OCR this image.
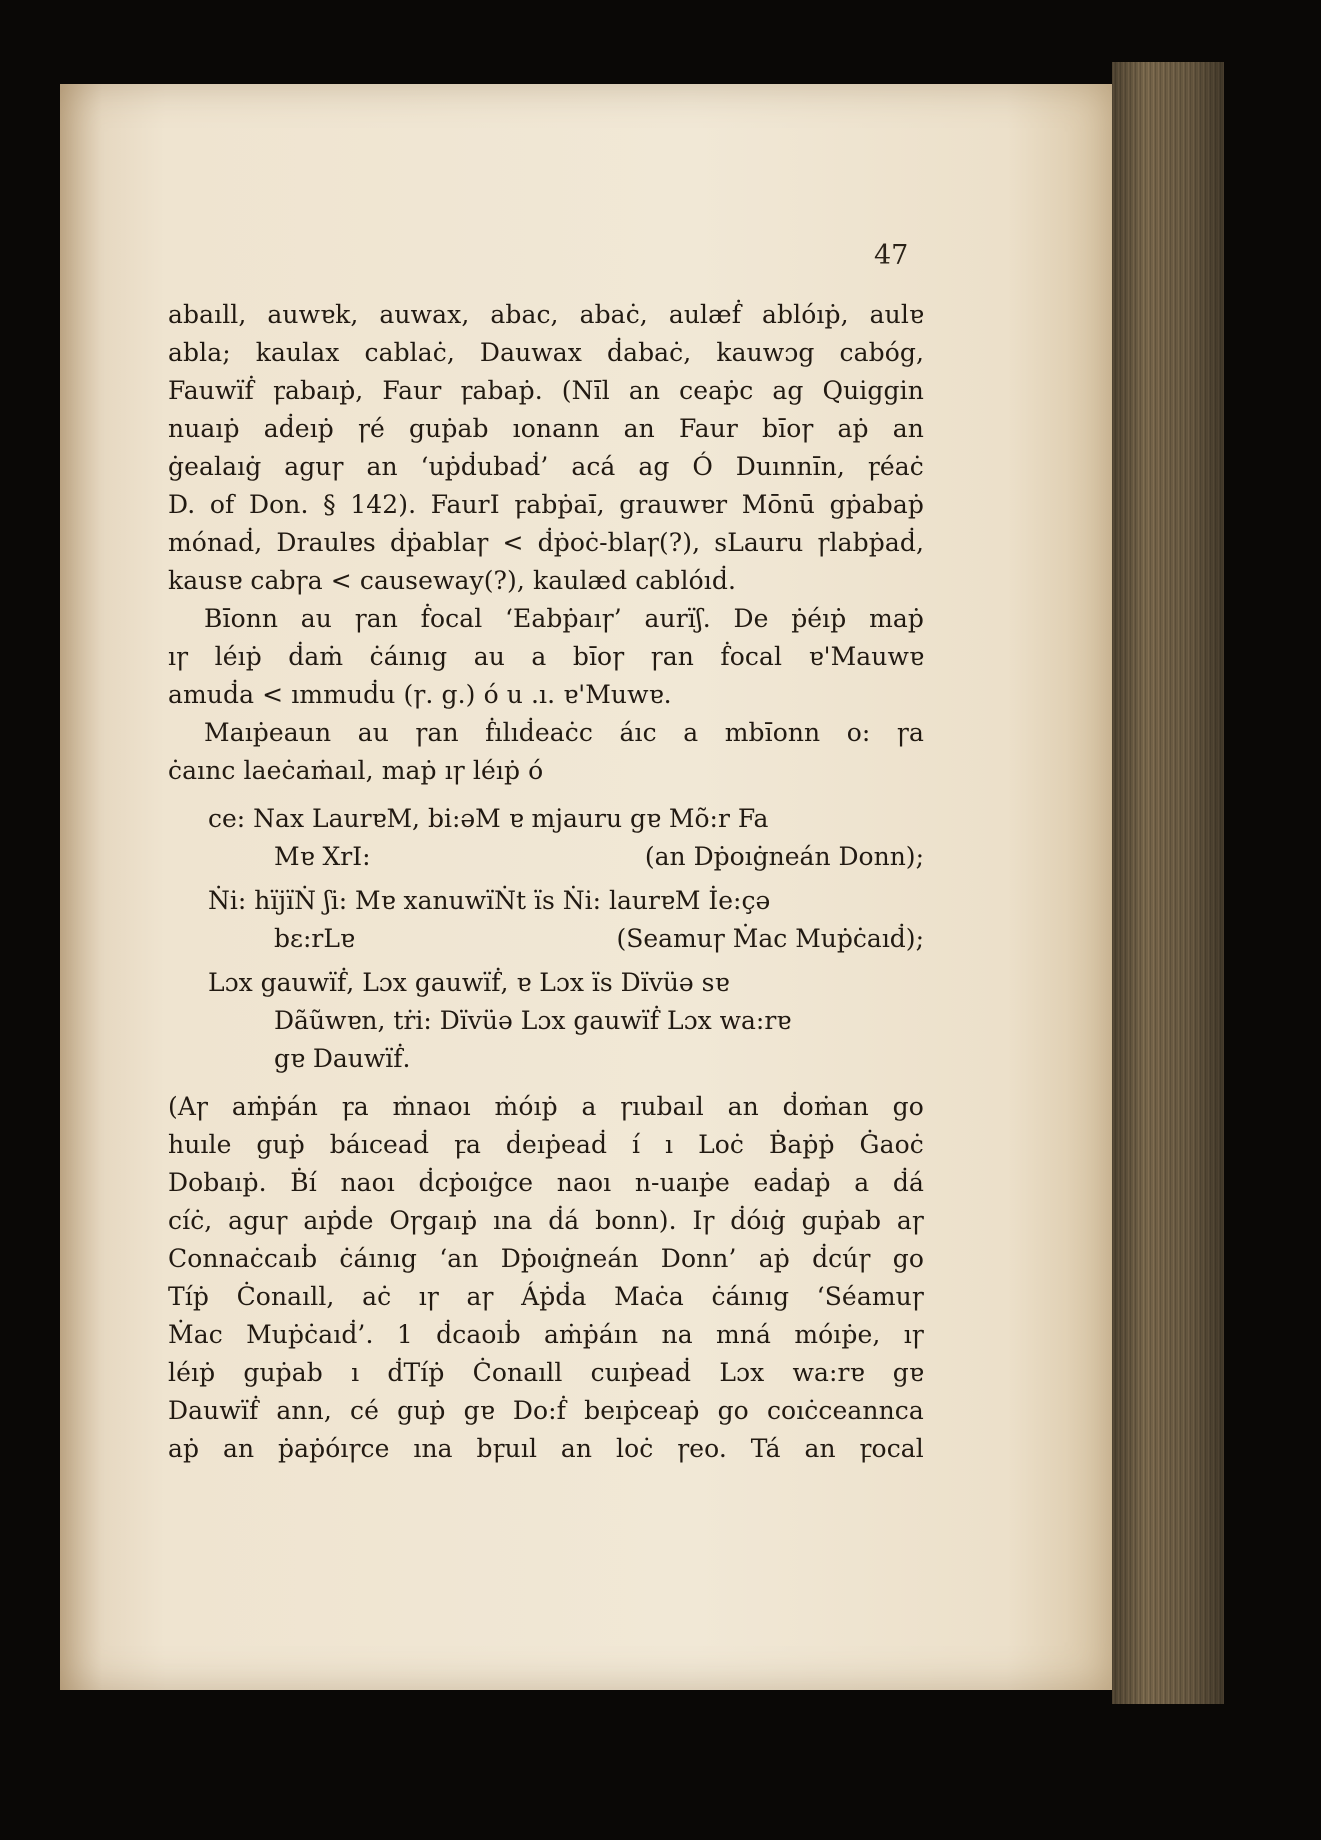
47
abaıll, auwɐk, auwax, abac, abaċ, aulæḟ ablóıṗ, aulɐ
abla; kaulax cablaċ, Dauwax ḋabaċ, kauwɔg cabóg,
Fauwïḟ ꝼabaıṗ, Faur ꝼabaṗ. (Nı̄l an ceaṗc ag Quiggin
nuaıṗ aḋeıṗ ꞅé guṗab ıonann an Faur bı̄oꞅ aṗ an
ġealaıġ aguꞅ an ‘uṗḋubaḋ’ acá ag Ó Duınnı̄n, ꝼéaċ
D. of Don. § 142). FaurI ꝼabṗaı̄, grauwɐr Mōnū gṗabaṗ
mónaḋ, Draulɐs ḋṗablaꞅ < ḋṗoċ-blaꞅ(?), sLauru ꞅlabṗaḋ,
kausɐ cabꞅa < causeway(?), kaulæd cablóıḋ.
Bı̄onn au ꞅan ḟocal ‘Eabṗaıꞅ’ aurïʃ. De ṗéıṗ maṗ
ıꞅ léıṗ ḋaṁ ċáınıg au a bı̄oꞅ ꞅan ḟocal ɐ'Mauwɐ
amuḋa < ımmuḋu (ꞅ. g.) ó u .ı. ɐ'Muwɐ.
Maıṗeaun au ꞅan ḟılıḋeaċc áıc a mbı̄onn o: ꞅa
ċaınc laeċaṁaıl, maṗ ıꞅ léıṗ ó
ce: Nax LaurɐM, bi:əM ɐ mjauru gɐ Mõ:r Fa
Mɐ XrI:	(an Dṗoıġneán Donn);
Ṅi: hïjïṄ ʃi: Mɐ xanuwïṄt ïs Ṅi: laurɐM İe:çə
bɛ:rLɐ	(Seamuꞅ Ṁac Muṗċaıḋ);
Lɔx gauwïḟ, Lɔx gauwïḟ, ɐ Lɔx ïs Dïvüə sɐ
Dãũwɐn, tṙi: Dïvüə Lɔx gauwïḟ Lɔx wa:rɐ
gɐ Dauwïḟ.
(Aꞅ aṁṗán ꝼa ṁnaoı ṁóıṗ a ꞅıubaıl an ḋoṁan go
huıle guṗ báıceaḋ ꝼa ḋeıṗeaḋ ı́ ı Loċ Ḃaṗṗ Ġaoċ
Dobaıṗ. Ḃı́ naoı ḋcṗoıġce naoı n-uaıṗe eaḋaṗ a ḋá
cı́ċ, aguꞅ aıṗḋe Oꞅgaıṗ ına ḋá bonn). Iꞅ ḋóıġ guṗab aꞅ
Connaċcaıḃ ċáınıg ‘an Dṗoıġneán Donn’ aṗ ḋcúꞅ go
Tı́ṗ Ċonaıll, aċ ıꞅ aꞅ Áṗḋa Maċa ċáınıg ‘Séamuꞅ
Ṁac Muṗċaıḋ’. 1 ḋcaoıḃ aṁṗáın na mná móıṗe, ıꞅ
léıṗ guṗab ı ḋTı́ṗ Ċonaıll cuıṗeaḋ Lɔx wa:rɐ gɐ
Dauwïḟ ann, cé guṗ gɐ Do:ḟ beıṗceaṗ go coıċceannca
aṗ an ṗaṗóıꞅce ına bꝼuıl an loċ ꞅeo. Tá an ꝼocal
